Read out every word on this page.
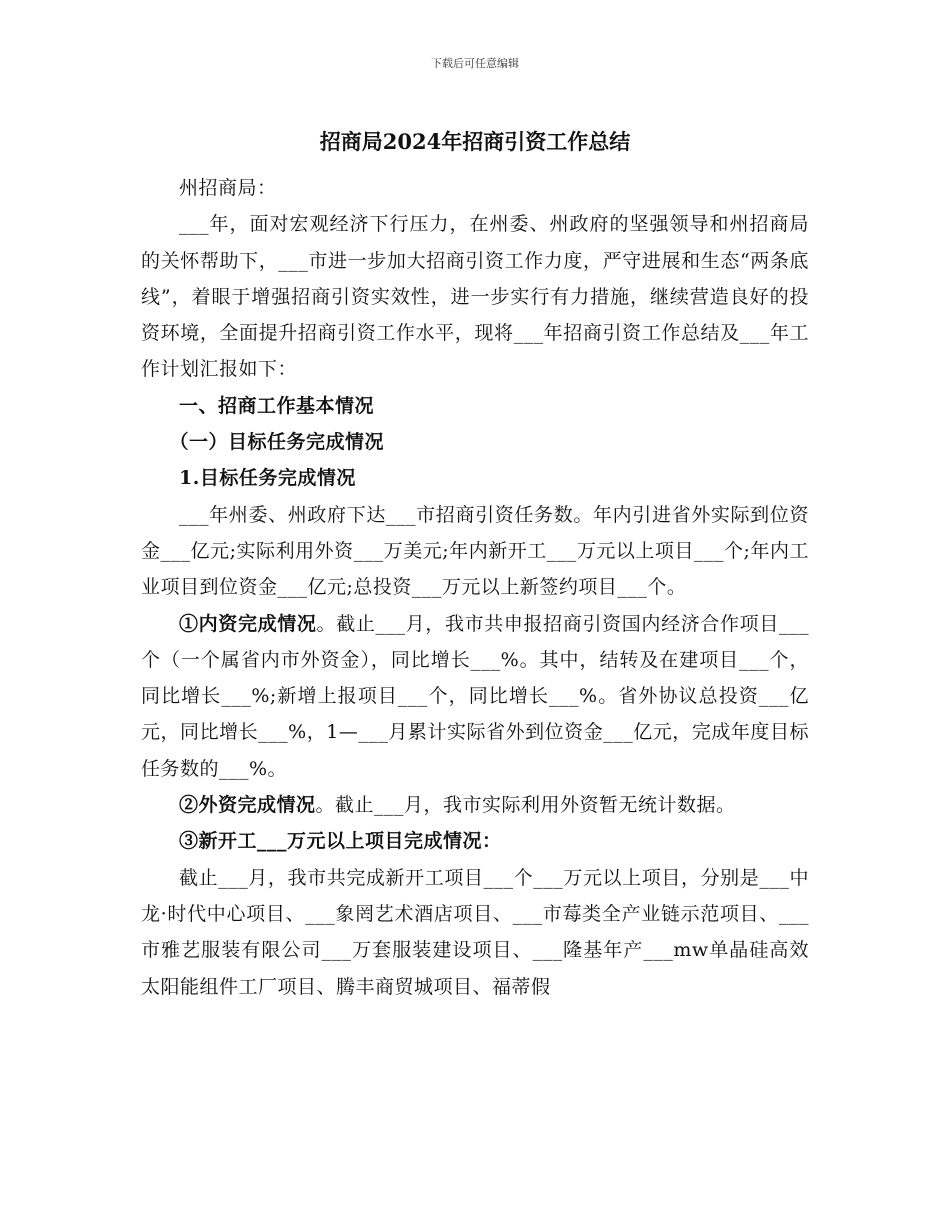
下载后可任意编辑
招商局2024年招商引资工作总结

州招商局：

___年，面对宏观经济下行压力，在州委、州政府的坚强领导和州招商局的关怀帮助下，___市进一步加大招商引资工作力度，严守进展和生态“两条底线”，着眼于增强招商引资实效性，进一步实行有力措施，继续营造良好的投资环境，全面提升招商引资工作水平，现将___年招商引资工作总结及___年工作计划汇报如下：

一、招商工作基本情况

（一）目标任务完成情况

1.目标任务完成情况

___年州委、州政府下达___市招商引资任务数。年内引进省外实际到位资金___亿元;实际利用外资___万美元;年内新开工___万元以上项目___个;年内工业项目到位资金___亿元;总投资___万元以上新签约项目___个。

①内资完成情况。截止___月，我市共申报招商引资国内经济合作项目___个（一个属省内市外资金），同比增长___%。其中，结转及在建项目___个，同比增长___%;新增上报项目___个，同比增长___%。省外协议总投资___亿元，同比增长___%，1—___月累计实际省外到位资金___亿元，完成年度目标任务数的___%。

②外资完成情况。截止___月，我市实际利用外资暂无统计数据。

③新开工___万元以上项目完成情况：

截止___月，我市共完成新开工项目___个___万元以上项目，分别是___中龙·时代中心项目、___象罔艺术酒店项目、___市莓类全产业链示范项目、___市雅艺服装有限公司___万套服装建设项目、___隆基年产___mw单晶硅高效太阳能组件工厂项目、腾丰商贸城项目、福蒂假
